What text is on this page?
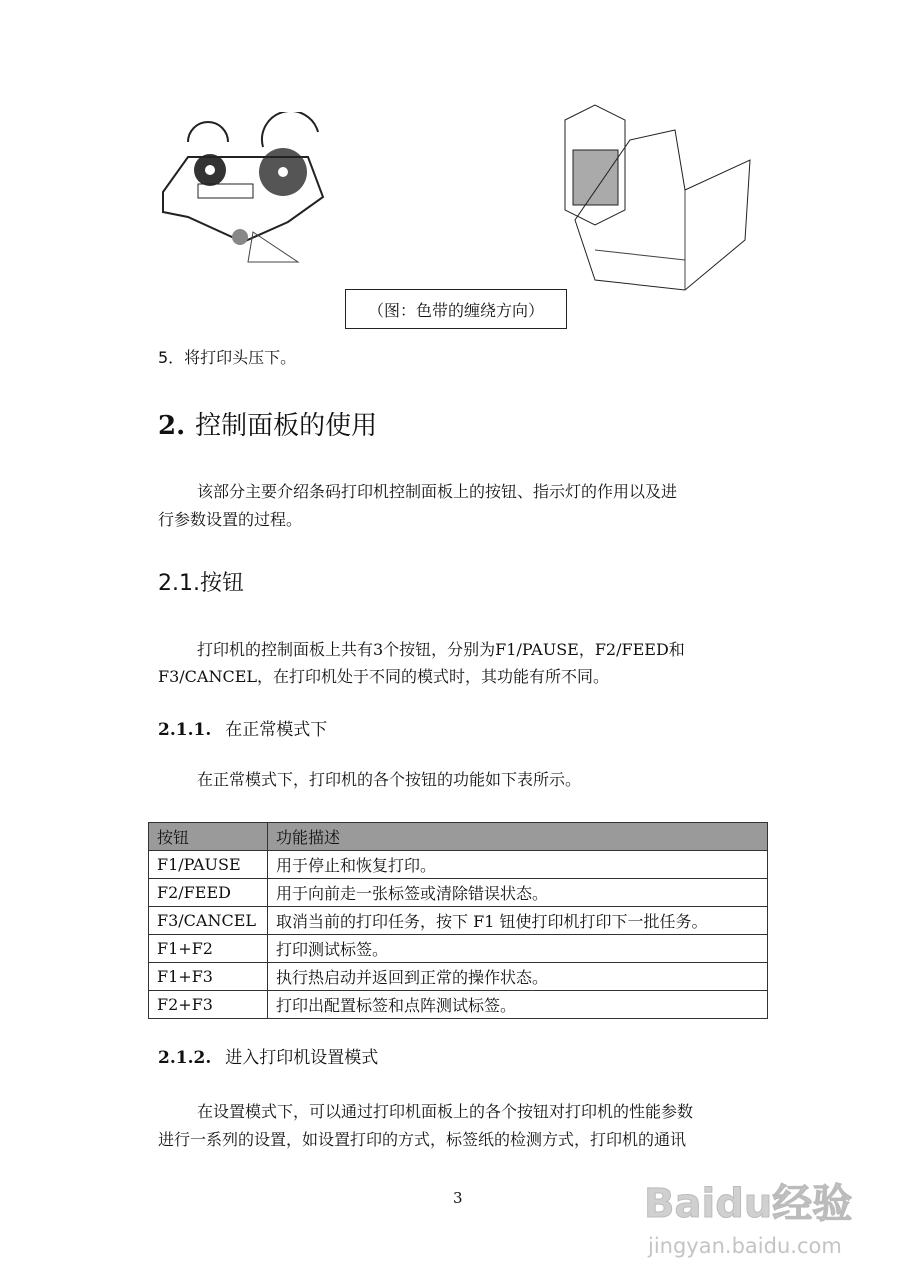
（图：色带的缠绕方向）
5．将打印头压下。
2. 控制面板的使用
该部分主要介绍条码打印机控制面板上的按钮、指示灯的作用以及进
行参数设置的过程。
2.1.按钮
打印机的控制面板上共有3个按钮，分别为F1/PAUSE，F2/FEED和
F3/CANCEL，在打印机处于不同的模式时，其功能有所不同。
2.1.1. 在正常模式下
在正常模式下，打印机的各个按钮的功能如下表所示。
按钮	功能描述
F1/PAUSE	用于停止和恢复打印。
F2/FEED	用于向前走一张标签或清除错误状态。
F3/CANCEL	取消当前的打印任务，按下 F1 钮使打印机打印下一批任务。
F1+F2	打印测试标签。
F1+F3	执行热启动并返回到正常的操作状态。
F2+F3	打印出配置标签和点阵测试标签。
2.1.2. 进入打印机设置模式
在设置模式下，可以通过打印机面板上的各个按钮对打印机的性能参数
进行一系列的设置，如设置打印的方式，标签纸的检测方式，打印机的通讯
3	Baidu经验
jingyan.baidu.com
